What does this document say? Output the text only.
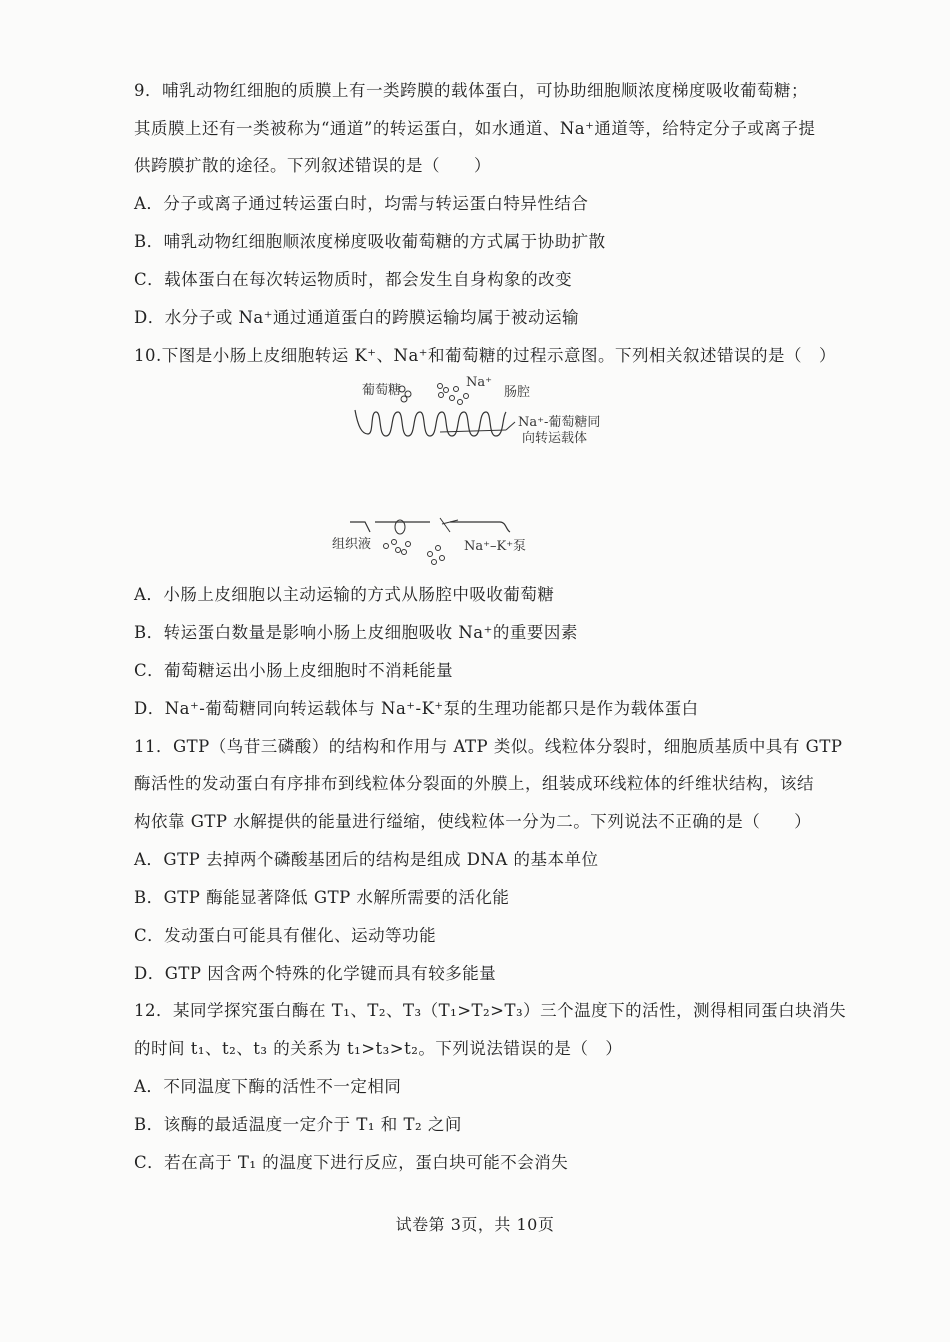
9．哺乳动物红细胞的质膜上有一类跨膜的载体蛋白，可协助细胞顺浓度梯度吸收葡萄糖；
其质膜上还有一类被称为“通道”的转运蛋白，如水通道、Na⁺通道等，给特定分子或离子提
供跨膜扩散的途径。下列叙述错误的是（　　）
A．分子或离子通过转运蛋白时，均需与转运蛋白特异性结合
B．哺乳动物红细胞顺浓度梯度吸收葡萄糖的方式属于协助扩散
C．载体蛋白在每次转运物质时，都会发生自身构象的改变
D．水分子或 Na⁺通过通道蛋白的跨膜运输均属于被动运输
10.下图是小肠上皮细胞转运 K⁺、Na⁺和葡萄糖的过程示意图。下列相关叙述错误的是（　）
葡萄糖
Na⁺
肠腔
Na⁺-葡萄糖同
向转运载体
组织液	Na⁺–K⁺泵
A．小肠上皮细胞以主动运输的方式从肠腔中吸收葡萄糖
B．转运蛋白数量是影响小肠上皮细胞吸收 Na⁺的重要因素
C．葡萄糖运出小肠上皮细胞时不消耗能量
D．Na⁺-葡萄糖同向转运载体与 Na⁺-K⁺泵的生理功能都只是作为载体蛋白
11．GTP（鸟苷三磷酸）的结构和作用与 ATP 类似。线粒体分裂时，细胞质基质中具有 GTP
酶活性的发动蛋白有序排布到线粒体分裂面的外膜上，组装成环线粒体的纤维状结构，该结
构依靠 GTP 水解提供的能量进行缢缩，使线粒体一分为二。下列说法不正确的是（　　）
A．GTP 去掉两个磷酸基团后的结构是组成 DNA 的基本单位
B．GTP 酶能显著降低 GTP 水解所需要的活化能
C．发动蛋白可能具有催化、运动等功能
D．GTP 因含两个特殊的化学键而具有较多能量
12．某同学探究蛋白酶在 T₁、T₂、T₃（T₁>T₂>T₃）三个温度下的活性，测得相同蛋白块消失
的时间 t₁、t₂、t₃ 的关系为 t₁>t₃>t₂。下列说法错误的是（　）
A．不同温度下酶的活性不一定相同
B．该酶的最适温度一定介于 T₁ 和 T₂ 之间
C．若在高于 T₁ 的温度下进行反应，蛋白块可能不会消失
试卷第 3页，共 10页
